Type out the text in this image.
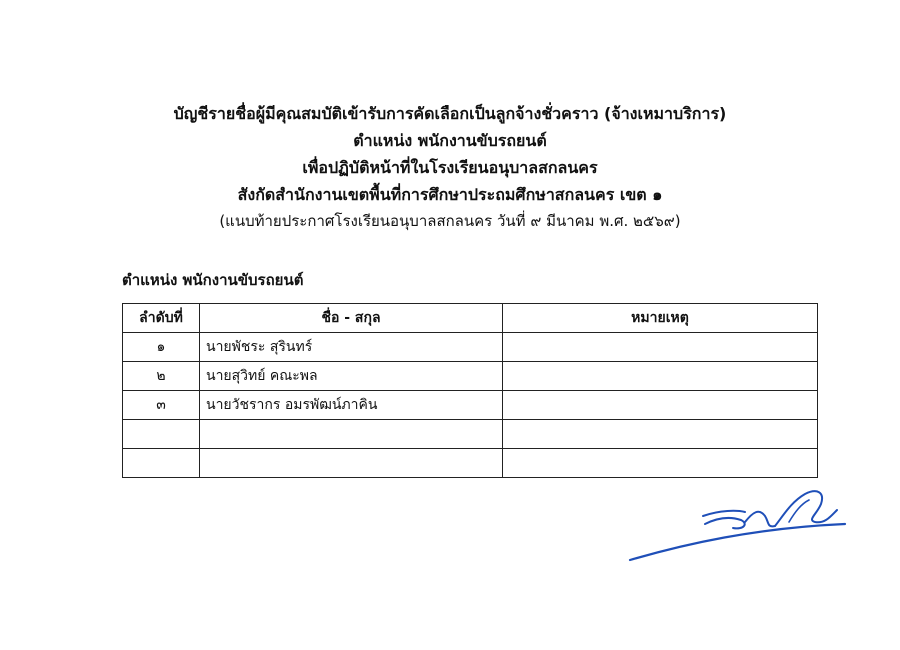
บัญชีรายชื่อผู้มีคุณสมบัติเข้ารับการคัดเลือกเป็นลูกจ้างชั่วคราว (จ้างเหมาบริการ)
ตำแหน่ง พนักงานขับรถยนต์
เพื่อปฏิบัติหน้าที่ในโรงเรียนอนุบาลสกลนคร
สังกัดสำนักงานเขตพื้นที่การศึกษาประถมศึกษาสกลนคร เขต ๑
(แนบท้ายประกาศโรงเรียนอนุบาลสกลนคร วันที่ ๙ มีนาคม พ.ศ. ๒๕๖๙)
ตำแหน่ง พนักงานขับรถยนต์
ลำดับที่	ชื่อ - สกุล	หมายเหตุ
๑	นายพัชระ สุรินทร์	
๒	นายสุวิทย์ คณะพล	
๓	นายวัชรากร อมรพัฒน์ภาคิน	
